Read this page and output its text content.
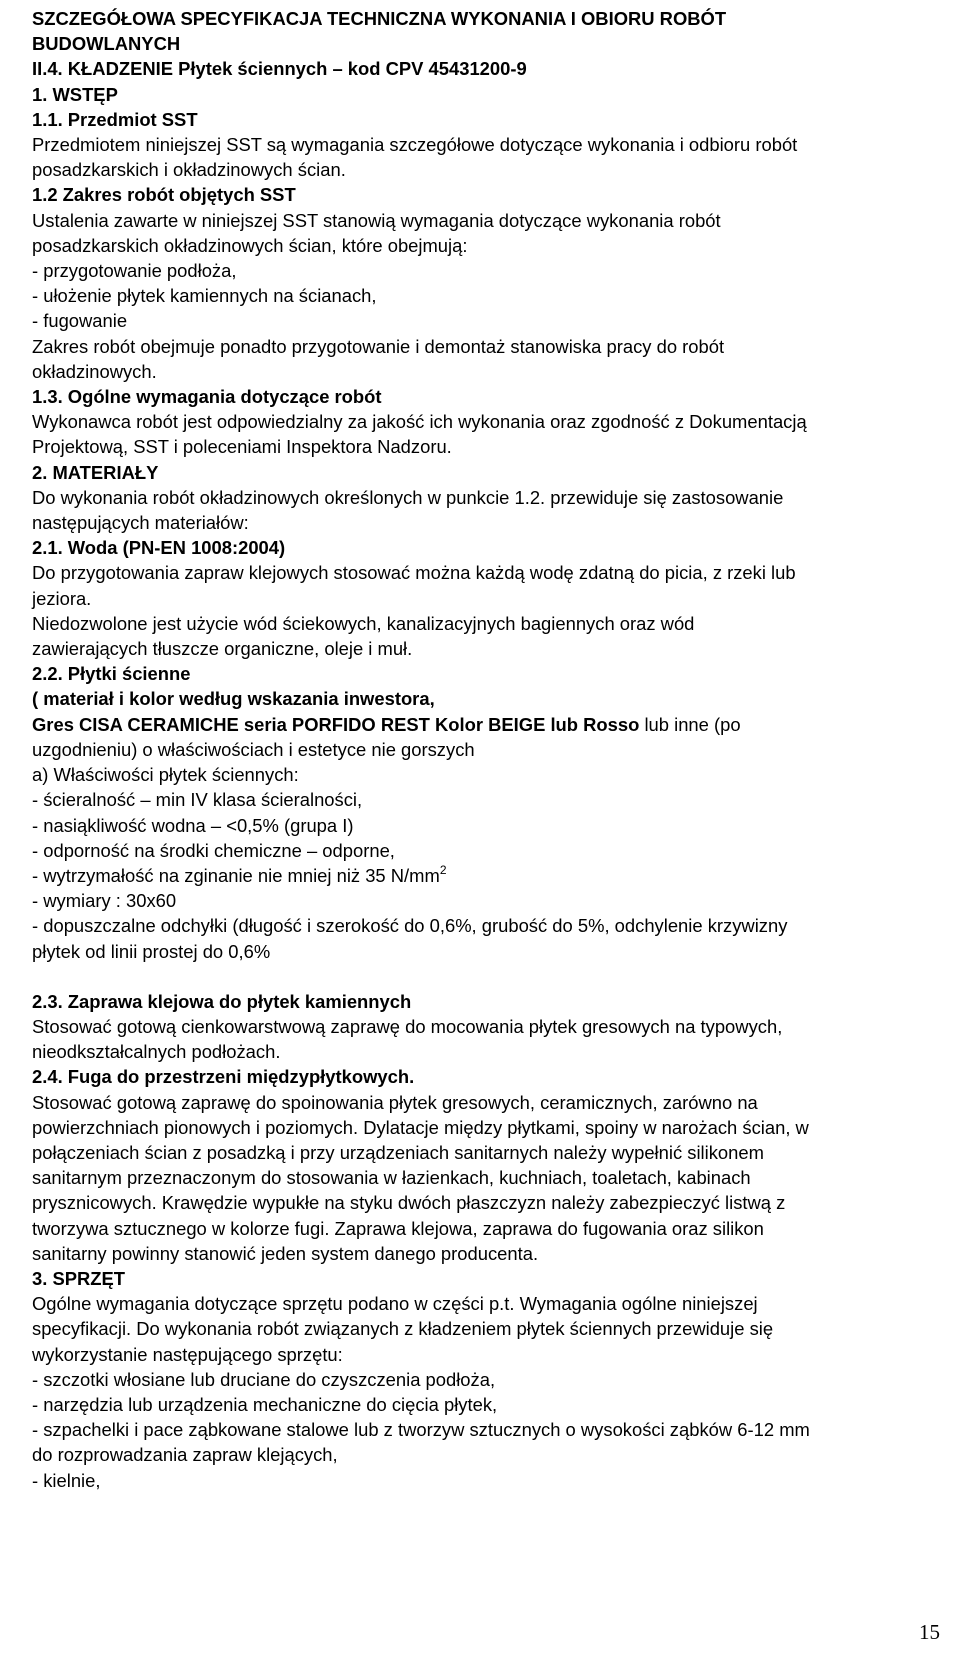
SZCZEGÓŁOWA SPECYFIKACJA TECHNICZNA WYKONANIA I OBIORU ROBÓT

BUDOWLANYCH

II.4. KŁADZENIE Płytek ściennych – kod CPV 45431200-9

1. WSTĘP

1.1. Przedmiot SST

Przedmiotem niniejszej SST są wymagania szczegółowe dotyczące wykonania i odbioru robót

posadzkarskich i okładzinowych ścian.

1.2 Zakres robót objętych SST

Ustalenia zawarte w niniejszej SST stanowią wymagania dotyczące wykonania robót

posadzkarskich okładzinowych ścian, które obejmują:

- przygotowanie podłoża,

- ułożenie płytek kamiennych na ścianach,

- fugowanie

Zakres robót obejmuje ponadto przygotowanie i demontaż stanowiska pracy do robót

okładzinowych.

1.3. Ogólne wymagania dotyczące robót

Wykonawca robót jest odpowiedzialny za jakość ich wykonania oraz zgodność z Dokumentacją

Projektową, SST i poleceniami Inspektora Nadzoru.

2. MATERIAŁY

Do wykonania robót okładzinowych określonych w punkcie 1.2. przewiduje się zastosowanie

następujących materiałów:

2.1. Woda (PN-EN 1008:2004)

Do przygotowania zapraw klejowych stosować można każdą wodę zdatną do picia, z rzeki lub

jeziora.

Niedozwolone jest użycie wód ściekowych, kanalizacyjnych bagiennych oraz wód

zawierających tłuszcze organiczne, oleje i muł.

2.2. Płytki ścienne

( materiał i kolor według wskazania inwestora,

Gres CISA CERAMICHE seria PORFIDO REST Kolor BEIGE lub Rosso lub inne (po

uzgodnieniu) o właściwościach i estetyce nie gorszych

a) Właściwości płytek ściennych:

- ścieralność – min IV klasa ścieralności,

- nasiąkliwość wodna – <0,5% (grupa I)

- odporność na środki chemiczne – odporne,

- wytrzymałość na zginanie nie mniej niż 35 $N/mm^2$

- wymiary : 30x60

- dopuszczalne odchyłki (długość i szerokość do 0,6%, grubość do 5%, odchylenie krzywizny

płytek od linii prostej do 0,6%

2.3. Zaprawa klejowa do płytek kamiennych

Stosować gotową cienkowarstwową zaprawę do mocowania płytek gresowych na typowych,

nieodkształcalnych podłożach.

2.4. Fuga do przestrzeni międzypłytkowych.

Stosować gotową zaprawę do spoinowania płytek gresowych, ceramicznych, zarówno na

powierzchniach pionowych i poziomych. Dylatacje między płytkami, spoiny w narożach ścian, w

połączeniach ścian z posadzką i przy urządzeniach sanitarnych należy wypełnić silikonem

sanitarnym przeznaczonym do stosowania w łazienkach, kuchniach, toaletach, kabinach

prysznicowych. Krawędzie wypukłe na styku dwóch płaszczyzn należy zabezpieczyć listwą z

tworzywa sztucznego w kolorze fugi. Zaprawa klejowa, zaprawa do fugowania oraz silikon

sanitarny powinny stanowić jeden system danego producenta.

3. SPRZĘT

Ogólne wymagania dotyczące sprzętu podano w części p.t. Wymagania ogólne niniejszej

specyfikacji. Do wykonania robót związanych z kładzeniem płytek ściennych przewiduje się

wykorzystanie następującego sprzętu:

- szczotki włosiane lub druciane do czyszczenia podłoża,

- narzędzia lub urządzenia mechaniczne do cięcia płytek,

- szpachelki i pace ząbkowane stalowe lub z tworzyw sztucznych o wysokości ząbków 6-12 mm

do rozprowadzania zapraw klejących,

- kielnie,

15
